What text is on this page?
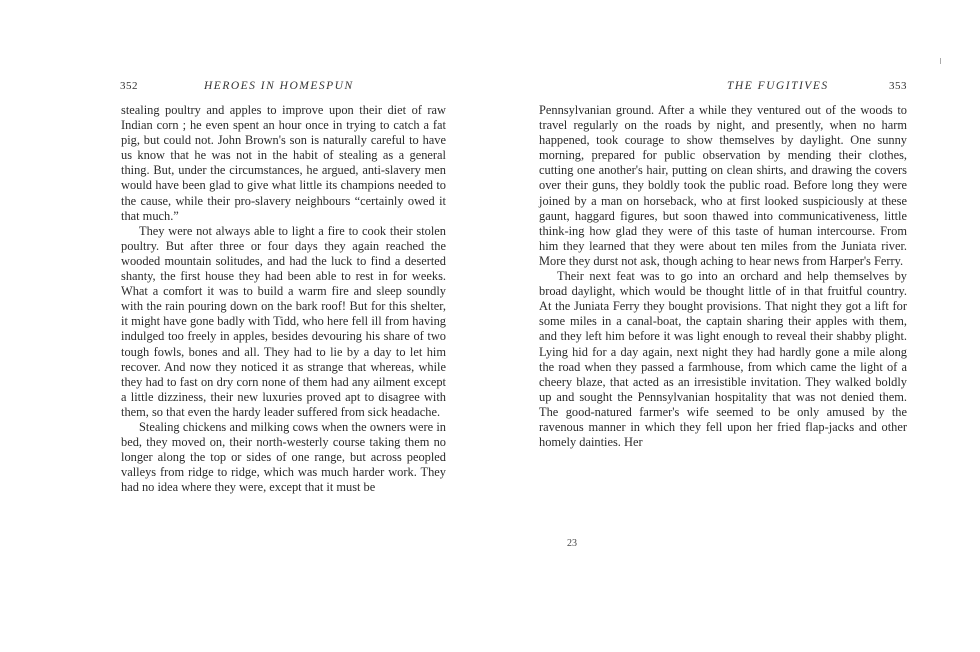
352	HEROES IN HOMESPUN

stealing poultry and apples to improve upon their diet of raw Indian corn ; he even spent an hour once in trying to catch a fat pig, but could not. John Brown's son is naturally careful to have us know that he was not in the habit of stealing as a general thing. But, under the circumstances, he argued, anti-slavery men would have been glad to give what little its champions needed to the cause, while their pro-slavery neighbours “certainly owed it that much.”

They were not always able to light a fire to cook their stolen poultry. But after three or four days they again reached the wooded mountain solitudes, and had the luck to find a deserted shanty, the first house they had been able to rest in for weeks. What a comfort it was to build a warm fire and sleep soundly with the rain pouring down on the bark roof! But for this shelter, it might have gone badly with Tidd, who here fell ill from having indulged too freely in apples, besides devouring his share of two tough fowls, bones and all. They had to lie by a day to let him recover. And now they noticed it as strange that whereas, while they had to fast on dry corn none of them had any ailment except a little dizziness, their new luxuries proved apt to disagree with them, so that even the hardy leader suffered from sick headache.

Stealing chickens and milking cows when the owners were in bed, they moved on, their north-westerly course taking them no longer along the top or sides of one range, but across peopled valleys from ridge to ridge, which was much harder work. They had no idea where they were, except that it must be

THE FUGITIVES	353

Pennsylvanian ground. After a while they ventured out of the woods to travel regularly on the roads by night, and presently, when no harm happened, took courage to show themselves by daylight. One sunny morning, prepared for public observation by mending their clothes, cutting one another's hair, putting on clean shirts, and drawing the covers over their guns, they boldly took the public road. Before long they were joined by a man on horseback, who at first looked suspiciously at these gaunt, haggard figures, but soon thawed into communicativeness, little think-ing how glad they were of this taste of human intercourse. From him they learned that they were about ten miles from the Juniata river. More they durst not ask, though aching to hear news from Harper's Ferry.

Their next feat was to go into an orchard and help themselves by broad daylight, which would be thought little of in that fruitful country. At the Juniata Ferry they bought provisions. That night they got a lift for some miles in a canal-boat, the captain sharing their apples with them, and they left him before it was light enough to reveal their shabby plight. Lying hid for a day again, next night they had hardly gone a mile along the road when they passed a farmhouse, from which came the light of a cheery blaze, that acted as an irresistible invitation. They walked boldly up and sought the Pennsylvanian hospitality that was not denied them. The good-natured farmer's wife seemed to be only amused by the ravenous manner in which they fell upon her fried flap-jacks and other homely dainties. Her

23
